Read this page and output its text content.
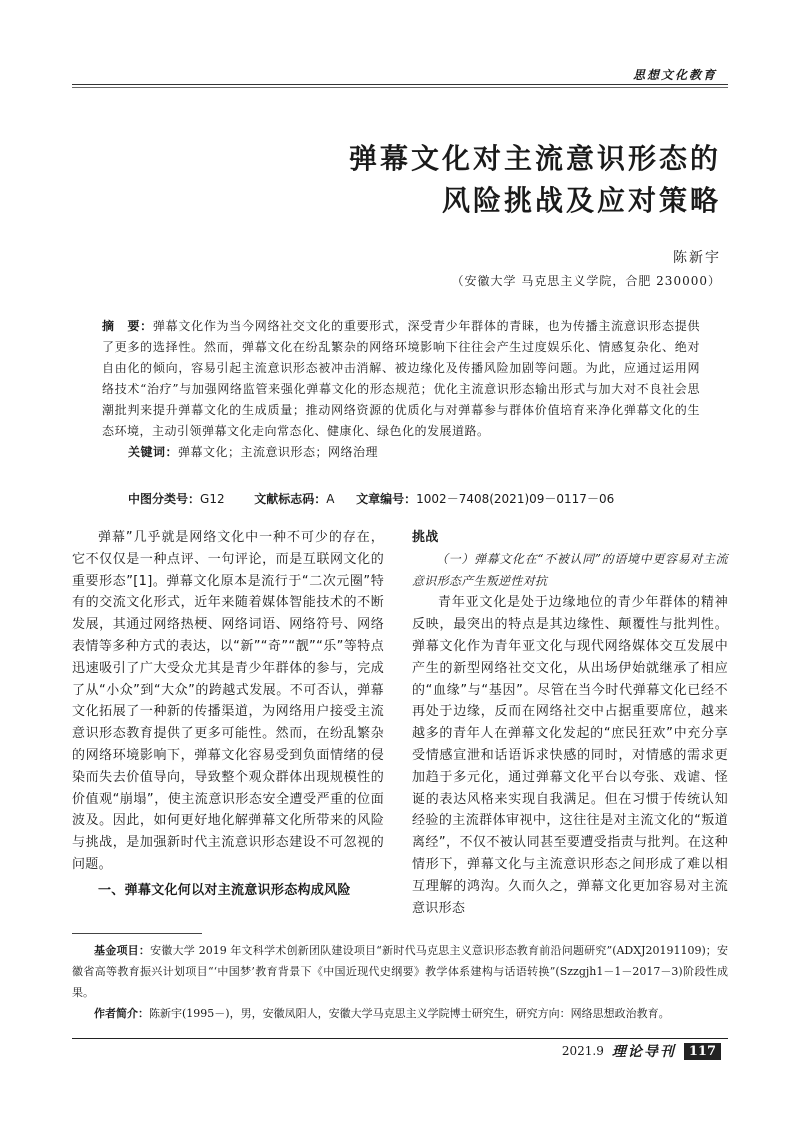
思想文化教育
弹幕文化对主流意识形态的
风险挑战及应对策略
陈新宇
（安徽大学 马克思主义学院，合肥 230000）
摘　要：弹幕文化作为当今网络社交文化的重要形式，深受青少年群体的青睐，也为传播主流意识形态提供了更多的选择性。然而，弹幕文化在纷乱繁杂的网络环境影响下往往会产生过度娱乐化、情感复杂化、绝对自由化的倾向，容易引起主流意识形态被冲击消解、被边缘化及传播风险加剧等问题。为此，应通过运用网络技术“治疗”与加强网络监管来强化弹幕文化的形态规范；优化主流意识形态输出形式与加大对不良社会思潮批判来提升弹幕文化的生成质量；推动网络资源的优质化与对弹幕参与群体价值培育来净化弹幕文化的生态环境，主动引领弹幕文化走向常态化、健康化、绿色化的发展道路。
关键词：弹幕文化；主流意识形态；网络治理
中图分类号：G12 文献标志码：A 文章编号：1002－7408(2021)09－0117－06

弹幕”几乎就是网络文化中一种不可少的存在，它不仅仅是一种点评、一句评论，而是互联网文化的重要形态”[1]。弹幕文化原本是流行于“二次元圈”特有的交流文化形式，近年来随着媒体智能技术的不断发展，其通过网络热梗、网络词语、网络符号、网络表情等多种方式的表达，以“新”“奇”“靓”“乐”等特点迅速吸引了广大受众尤其是青少年群体的参与，完成了从“小众”到“大众”的跨越式发展。不可否认，弹幕文化拓展了一种新的传播渠道，为网络用户接受主流意识形态教育提供了更多可能性。然而，在纷乱繁杂的网络环境影响下，弹幕文化容易受到负面情绪的侵染而失去价值导向，导致整个观众群体出现规模性的价值观“崩塌”，使主流意识形态安全遭受严重的位面波及。因此，如何更好地化解弹幕文化所带来的风险与挑战，是加强新时代主流意识形态建设不可忽视的问题。

一、弹幕文化何以对主流意识形态构成风险

挑战

（一）弹幕文化在“不被认同”的语境中更容易对主流意识形态产生叛逆性对抗

青年亚文化是处于边缘地位的青少年群体的精神反映，最突出的特点是其边缘性、颠覆性与批判性。弹幕文化作为青年亚文化与现代网络媒体交互发展中产生的新型网络社交文化，从出场伊始就继承了相应的“血缘”与“基因”。尽管在当今时代弹幕文化已经不再处于边缘，反而在网络社交中占据重要席位，越来越多的青年人在弹幕文化发起的“庶民狂欢”中充分享受情感宣泄和话语诉求快感的同时，对情感的需求更加趋于多元化，通过弹幕文化平台以夸张、戏谑、怪诞的表达风格来实现自我满足。但在习惯于传统认知经验的主流群体审视中，这往往是对主流文化的“叛道离经”，不仅不被认同甚至要遭受指责与批判。在这种情形下，弹幕文化与主流意识形态之间形成了难以相互理解的鸿沟。久而久之，弹幕文化更加容易对主流意识形态

基金项目：安徽大学 2019 年文科学术创新团队建设项目“新时代马克思主义意识形态教育前沿问题研究”(ADXJ20191109)；安徽省高等教育振兴计划项目“‘中国梦’教育背景下《中国近现代史纲要》教学体系建构与话语转换”(Szzgjh1－1－2017－3)阶段性成果。
作者简介：陈新宇(1995－)，男，安徽凤阳人，安徽大学马克思主义学院博士研究生，研究方向：网络思想政治教育。
2021.9 理论导刊	117
